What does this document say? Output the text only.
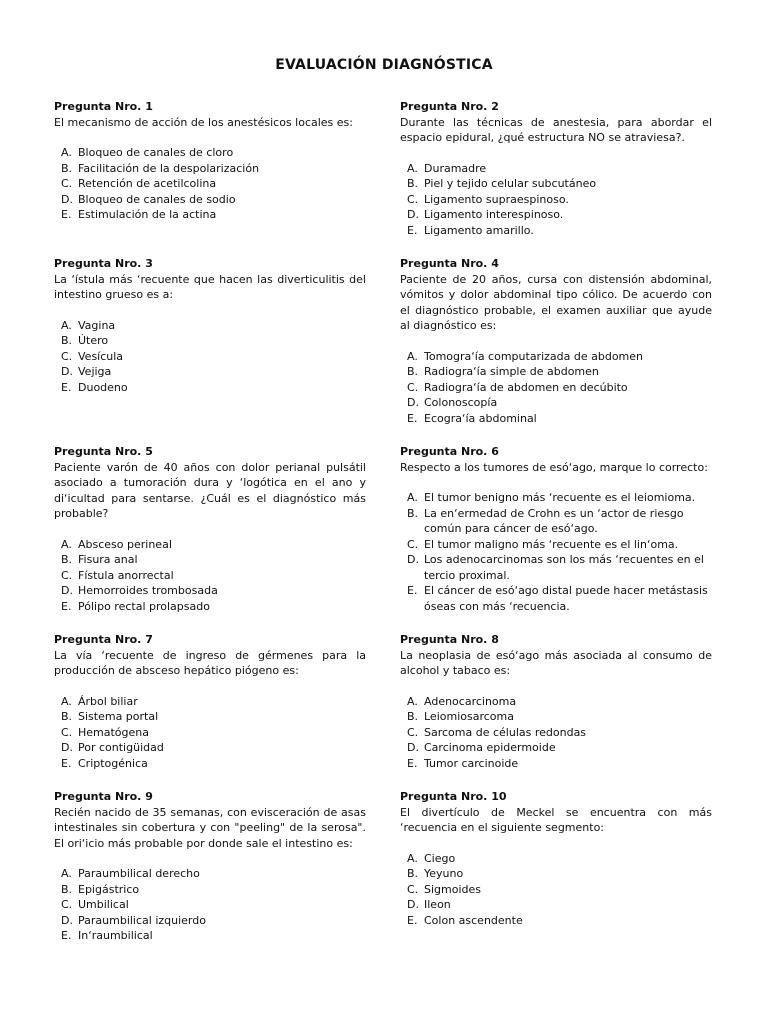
EVALUACIÓN DIAGNÓSTICA

Pregunta Nro. 1

El mecanismo de acción de los anestésicos locales es:

A. Bloqueo de canales de cloro
B. Facilitación de la despolarización
C. Retención de acetilcolina
D. Bloqueo de canales de sodio
E. Estimulación de la actina

Pregunta Nro. 2

Durante las técnicas de anestesia, para abordar el espacio epidural, ¿qué estructura NO se atraviesa?.

A. Duramadre
B. Piel y tejido celular subcutáneo
C. Ligamento supraespinoso.
D. Ligamento interespinoso.
E. Ligamento amarillo.

Pregunta Nro. 3

La ‘ístula más ‘recuente que hacen las diverticulitis del intestino grueso es a:

A. Vagina
B. Útero
C. Vesícula
D. Vejiga
E. Duodeno

Pregunta Nro. 4

Paciente de 20 años, cursa con distensión abdominal, vómitos y dolor abdominal tipo cólico. De acuerdo con el diagnóstico probable, el examen auxiliar que ayude al diagnóstico es:

A. Tomogra‘ía computarizada de abdomen
B. Radiogra‘ía simple de abdomen
C. Radiogra‘ía de abdomen en decúbito
D. Colonoscopía
E. Ecogra‘ía abdominal

Pregunta Nro. 5

Paciente varón de 40 años con dolor perianal pulsátil asociado a tumoración dura y ‘logótica en el ano y di‘icultad para sentarse. ¿Cuál es el diagnóstico más probable?

A. Absceso perineal
B. Fisura anal
C. Fístula anorrectal
D. Hemorroides trombosada
E. Pólipo rectal prolapsado

Pregunta Nro. 6

Respecto a los tumores de esó‘ago, marque lo correcto:

A. El tumor benigno más ‘recuente es el leiomioma.
B. La en‘ermedad de Crohn es un ‘actor de riesgo común para cáncer de esó‘ago.
C. El tumor maligno más ‘recuente es el lin‘oma.
D. Los adenocarcinomas son los más ‘recuentes en el tercio proximal.
E. El cáncer de esó‘ago distal puede hacer metástasis óseas con más ‘recuencia.

Pregunta Nro. 7

La vía ‘recuente de ingreso de gérmenes para la producción de absceso hepático piógeno es:

A. Árbol biliar
B. Sistema portal
C. Hematógena
D. Por contigüidad
E. Criptogénica

Pregunta Nro. 8

La neoplasia de esó‘ago más asociada al consumo de alcohol y tabaco es:

A. Adenocarcinoma
B. Leiomiosarcoma
C. Sarcoma de células redondas
D. Carcinoma epidermoide
E. Tumor carcinoide

Pregunta Nro. 9

Recién nacido de 35 semanas, con evisceración de asas intestinales sin cobertura y con "peeling" de la serosa". El ori‘icio más probable por donde sale el intestino es:

A. Paraumbilical derecho
B. Epigástrico
C. Umbilical
D. Paraumbilical izquierdo
E. In‘raumbilical

Pregunta Nro. 10

El divertículo de Meckel se encuentra con más ‘recuencia en el siguiente segmento:

A. Ciego
B. Yeyuno
C. Sigmoides
D. Ileon
E. Colon ascendente
